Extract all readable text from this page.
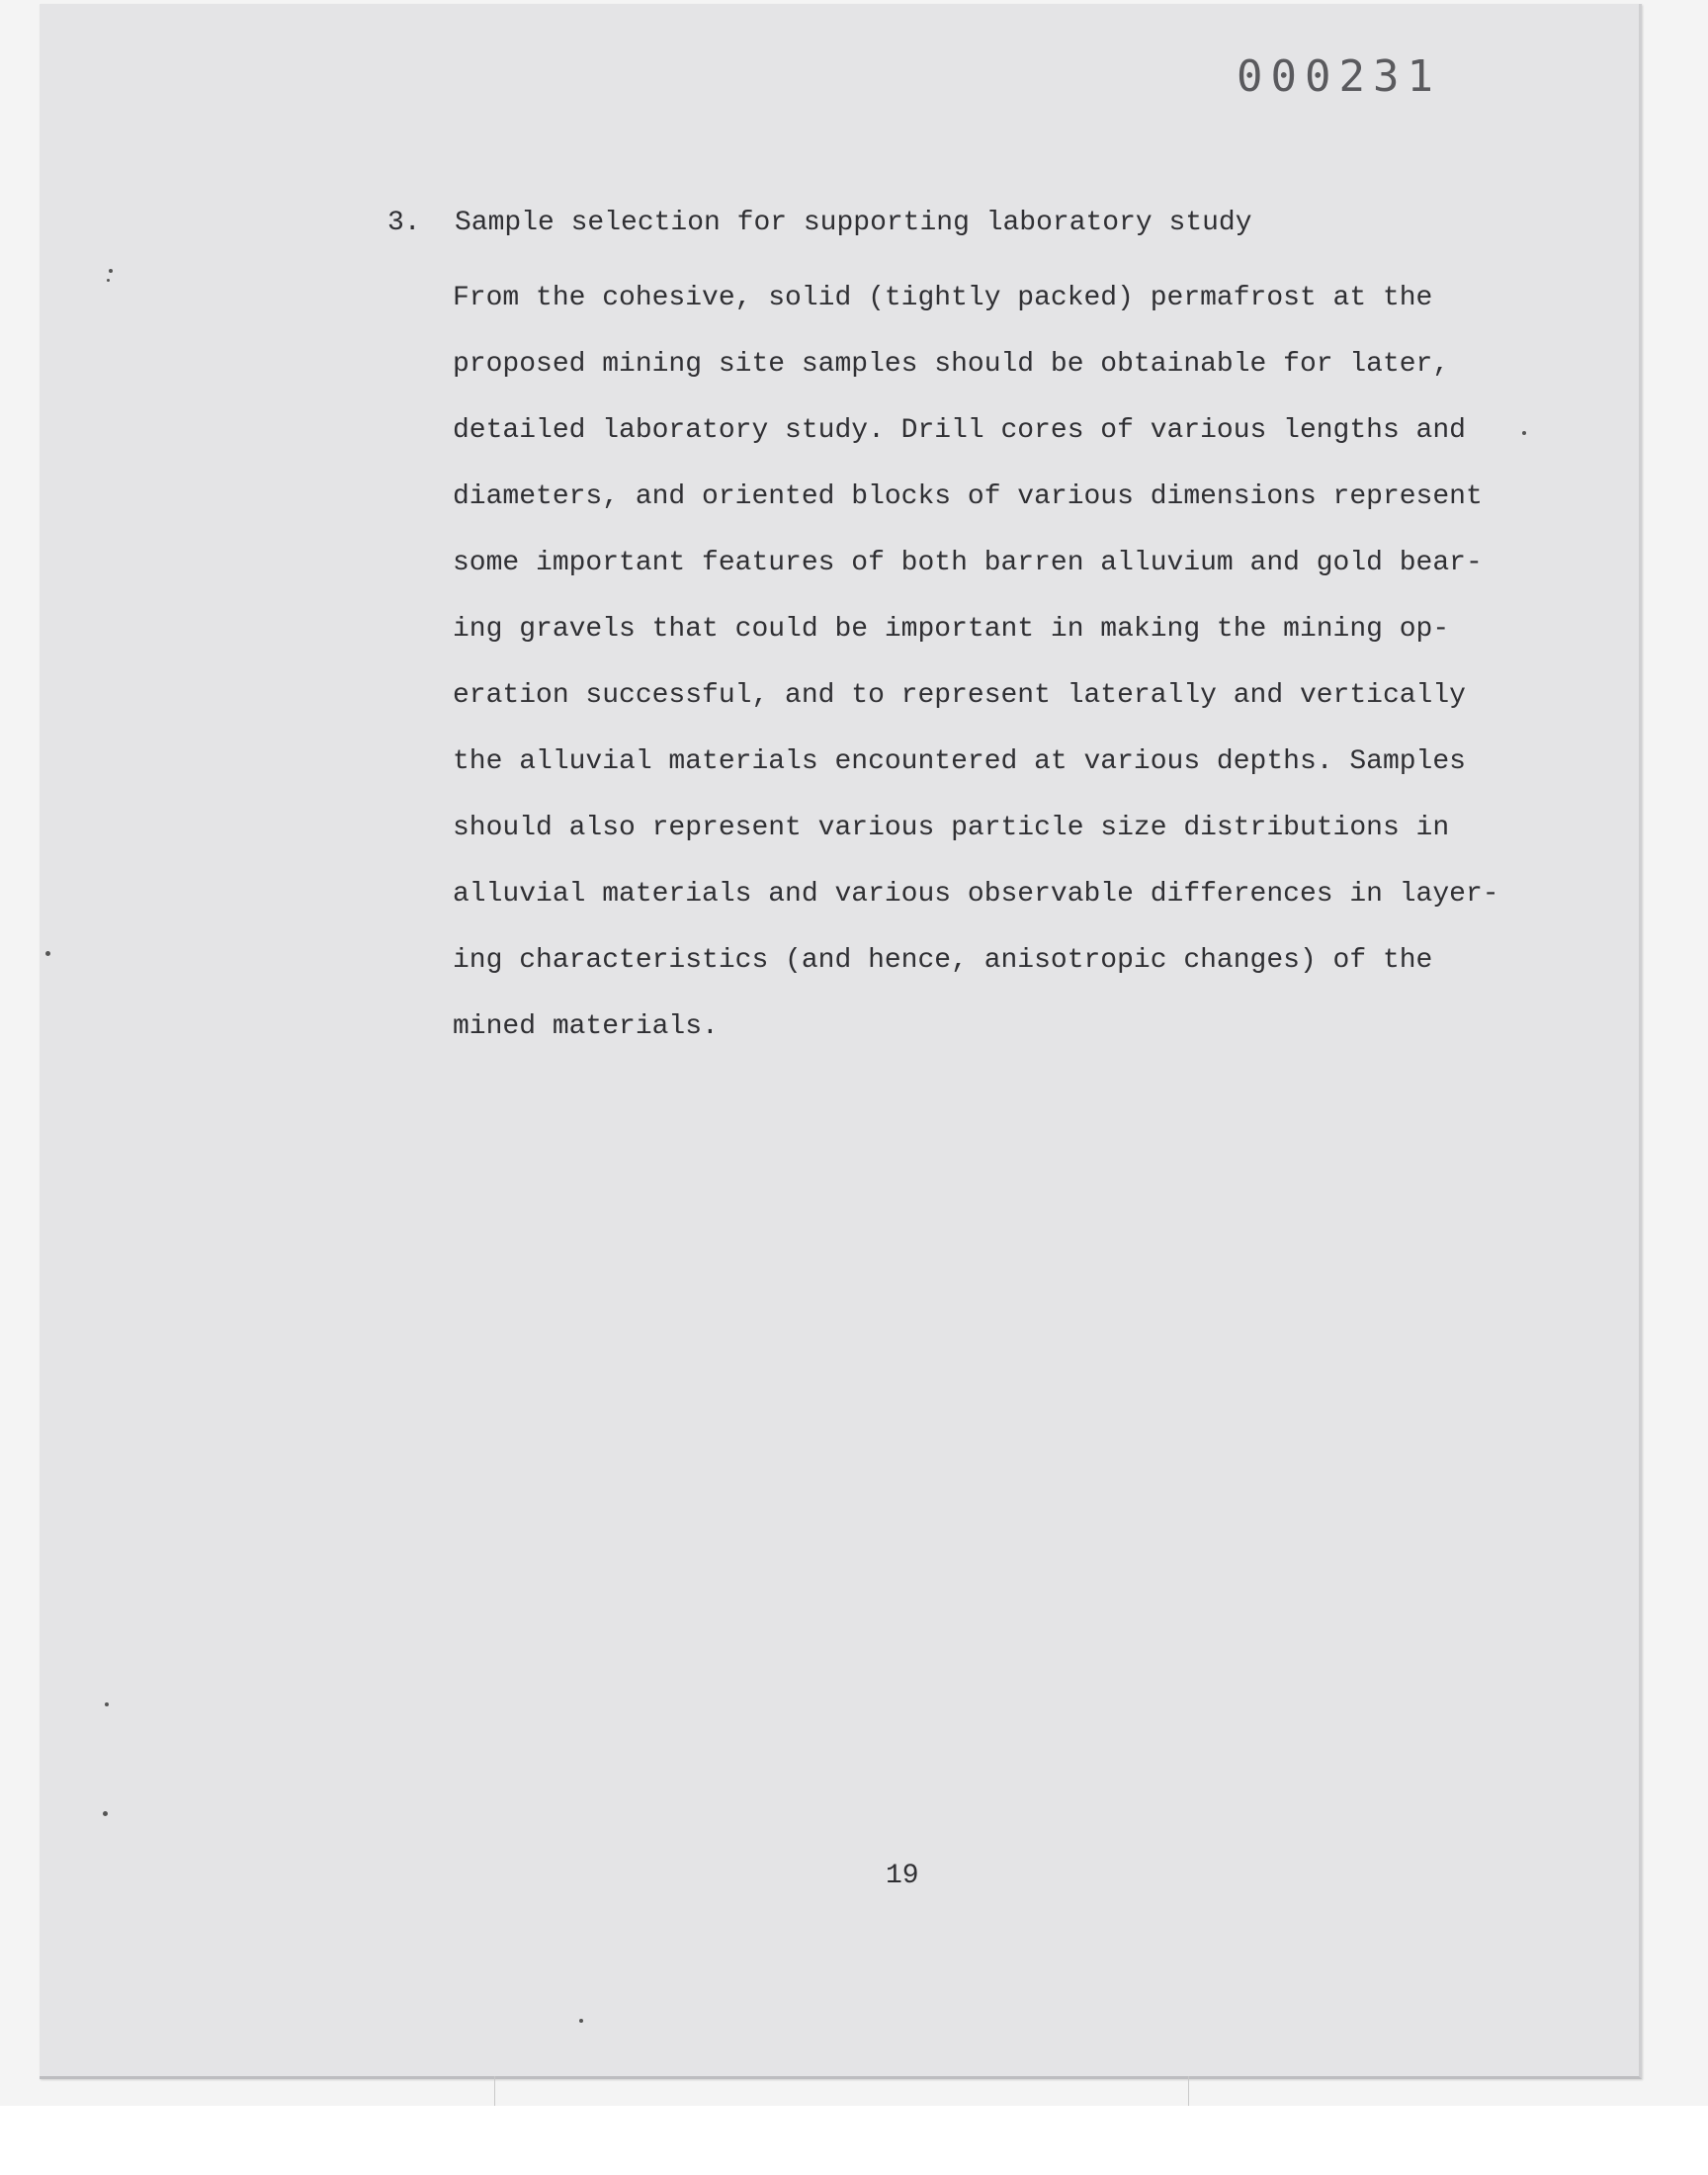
000231
3. Sample selection for supporting laboratory study
From the cohesive, solid (tightly packed) permafrost at the
proposed mining site samples should be obtainable for later,
detailed laboratory study. Drill cores of various lengths and
diameters, and oriented blocks of various dimensions represent
some important features of both barren alluvium and gold bear-
ing gravels that could be important in making the mining op-
eration successful, and to represent laterally and vertically
the alluvial materials encountered at various depths. Samples
should also represent various particle size distributions in
alluvial materials and various observable differences in layer-
ing characteristics (and hence, anisotropic changes) of the
mined materials.
19
